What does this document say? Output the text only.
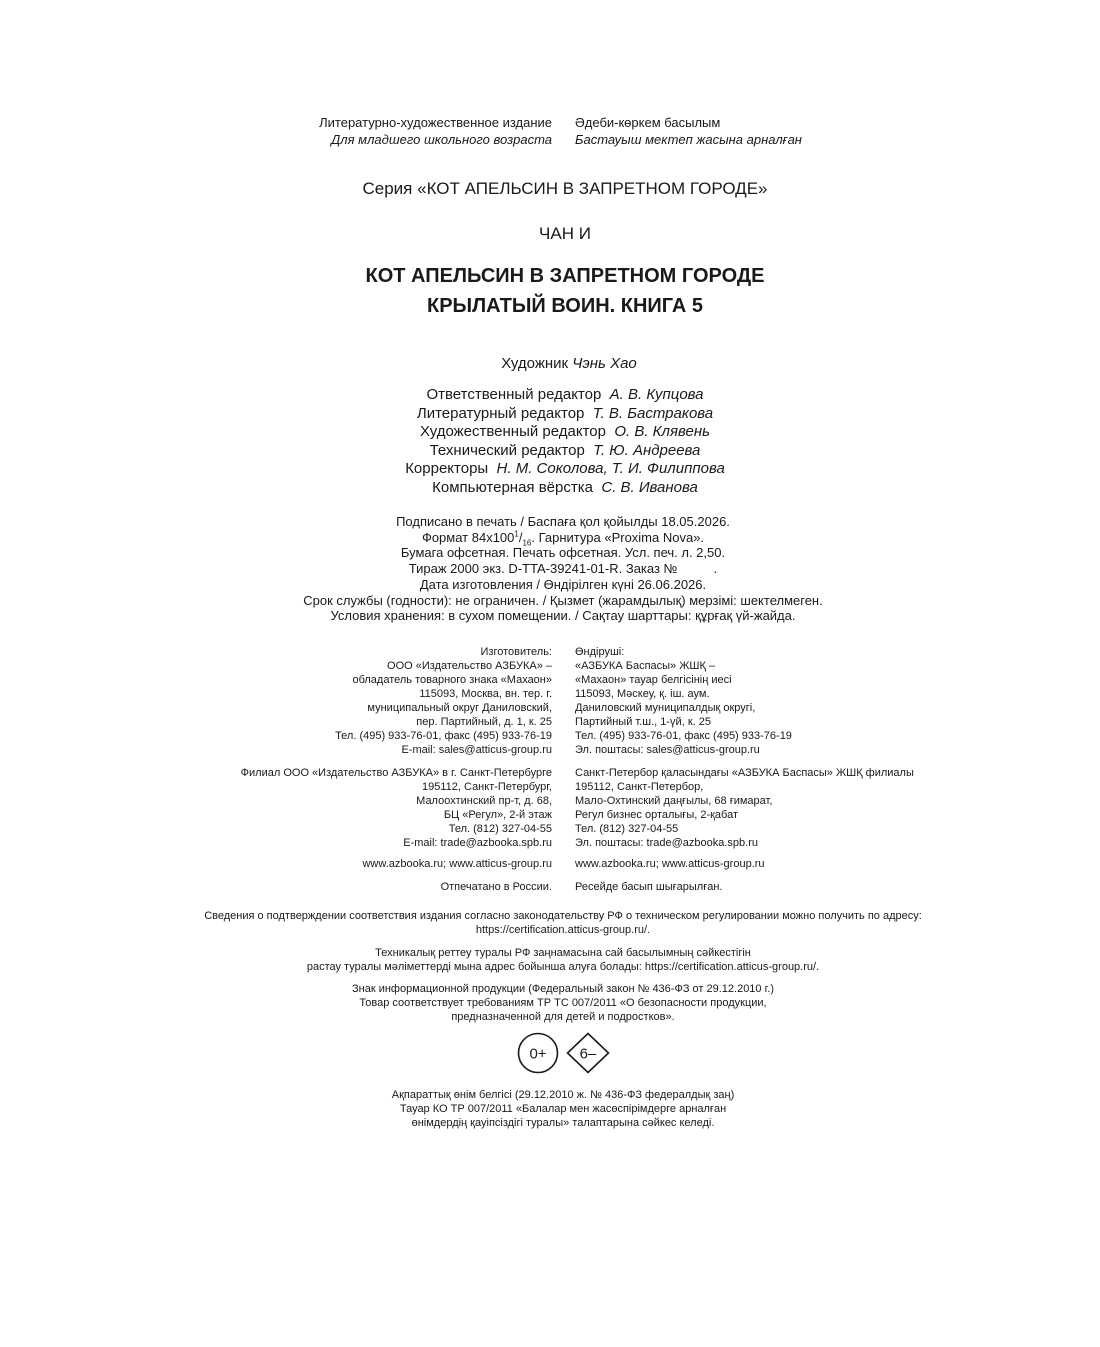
Литературно-художественное издание
Для младшего школьного возраста
Әдеби-көркем басылым
Бастауыш мектеп жасына арналған
Серия «КОТ АПЕЛЬСИН В ЗАПРЕТНОМ ГОРОДЕ»
ЧАН И
КОТ АПЕЛЬСИН В ЗАПРЕТНОМ ГОРОДЕ
КРЫЛАТЫЙ ВОИН. КНИГА 5
Художник Чэнь Хао
Ответственный редактор А. В. Купцова
Литературный редактор Т. В. Бастракова
Художественный редактор О. В. Клявень
Технический редактор Т. Ю. Андреева
Корректоры Н. М. Соколова, Т. И. Филиппова
Компьютерная вёрстка С. В. Иванова
Подписано в печать / Баспаға қол қойылды 18.05.2026.
Формат $84x100^1/_{16}$. Гарнитура «Proxima Nova».
Бумага офсетная. Печать офсетная. Усл. печ. л. 2,50.
Тираж 2000 экз. D-TTA-39241-01-R. Заказ №          .
Дата изготовления / Өндірілген күні 26.06.2026.
Срок службы (годности): не ограничен. / Қызмет (жарамдылық) мерзімі: шектелмеген.
Условия хранения: в сухом помещении. / Сақтау шарттары: құрғақ үй-жайда.
Изготовитель:
ООО «Издательство АЗБУКА» –
обладатель товарного знака «Махаон»
115093, Москва, вн. тер. г.
муниципальный округ Даниловский,
пер. Партийный, д. 1, к. 25
Тел. (495) 933-76-01, факс (495) 933-76-19
E-mail: sales@atticus-group.ru
Өндіруші:
«АЗБУКА Баспасы» ЖШҚ –
«Махаон» тауар белгісінің иесі
115093, Мәскеу, қ. іш. аум.
Даниловский муниципалдық округі,
Партийный т.ш., 1-үй, к. 25
Тел. (495) 933-76-01, факс (495) 933-76-19
Эл. поштасы: sales@atticus-group.ru
Филиал ООО «Издательство АЗБУКА» в г. Санкт-Петербурге
195112, Санкт-Петербург,
Малоохтинский пр-т, д. 68,
БЦ «Регул», 2-й этаж
Тел. (812) 327-04-55
E-mail: trade@azbooka.spb.ru
Санкт-Петербор қаласындағы «АЗБУКА Баспасы» ЖШҚ филиалы
195112, Санкт-Петербор,
Мало-Охтинский даңғылы, 68 ғимарат,
Регул бизнес орталығы, 2-қабат
Тел. (812) 327-04-55
Эл. поштасы: trade@azbooka.spb.ru
www.azbooka.ru; www.atticus-group.ru www.azbooka.ru; www.atticus-group.ru
Отпечатано в России. Ресейде басып шығарылған.
Сведения о подтверждении соответствия издания согласно законодательству РФ о техническом регулировании можно получить по адресу:
https://certification.atticus-group.ru/.
Техникалық реттеу туралы РФ заңнамасына сай басылымның сәйкестігін
растау туралы мәліметтерді мына адрес бойынша алуға болады: https://certification.atticus-group.ru/.
Знак информационной продукции (Федеральный закон № 436-ФЗ от 29.12.2010 г.)
Товар соответствует требованиям ТР ТС 007/2011 «О безопасности продукции,
предназначенной для детей и подростков».
0+ 6–
Ақпараттық өнім белгісі (29.12.2010 ж. № 436-ФЗ федералдық заң)
Тауар КО ТР 007/2011 «Балалар мен жасөспірімдерге арналған
өнімдердің қауіпсіздігі туралы» талаптарына сәйкес келеді.
